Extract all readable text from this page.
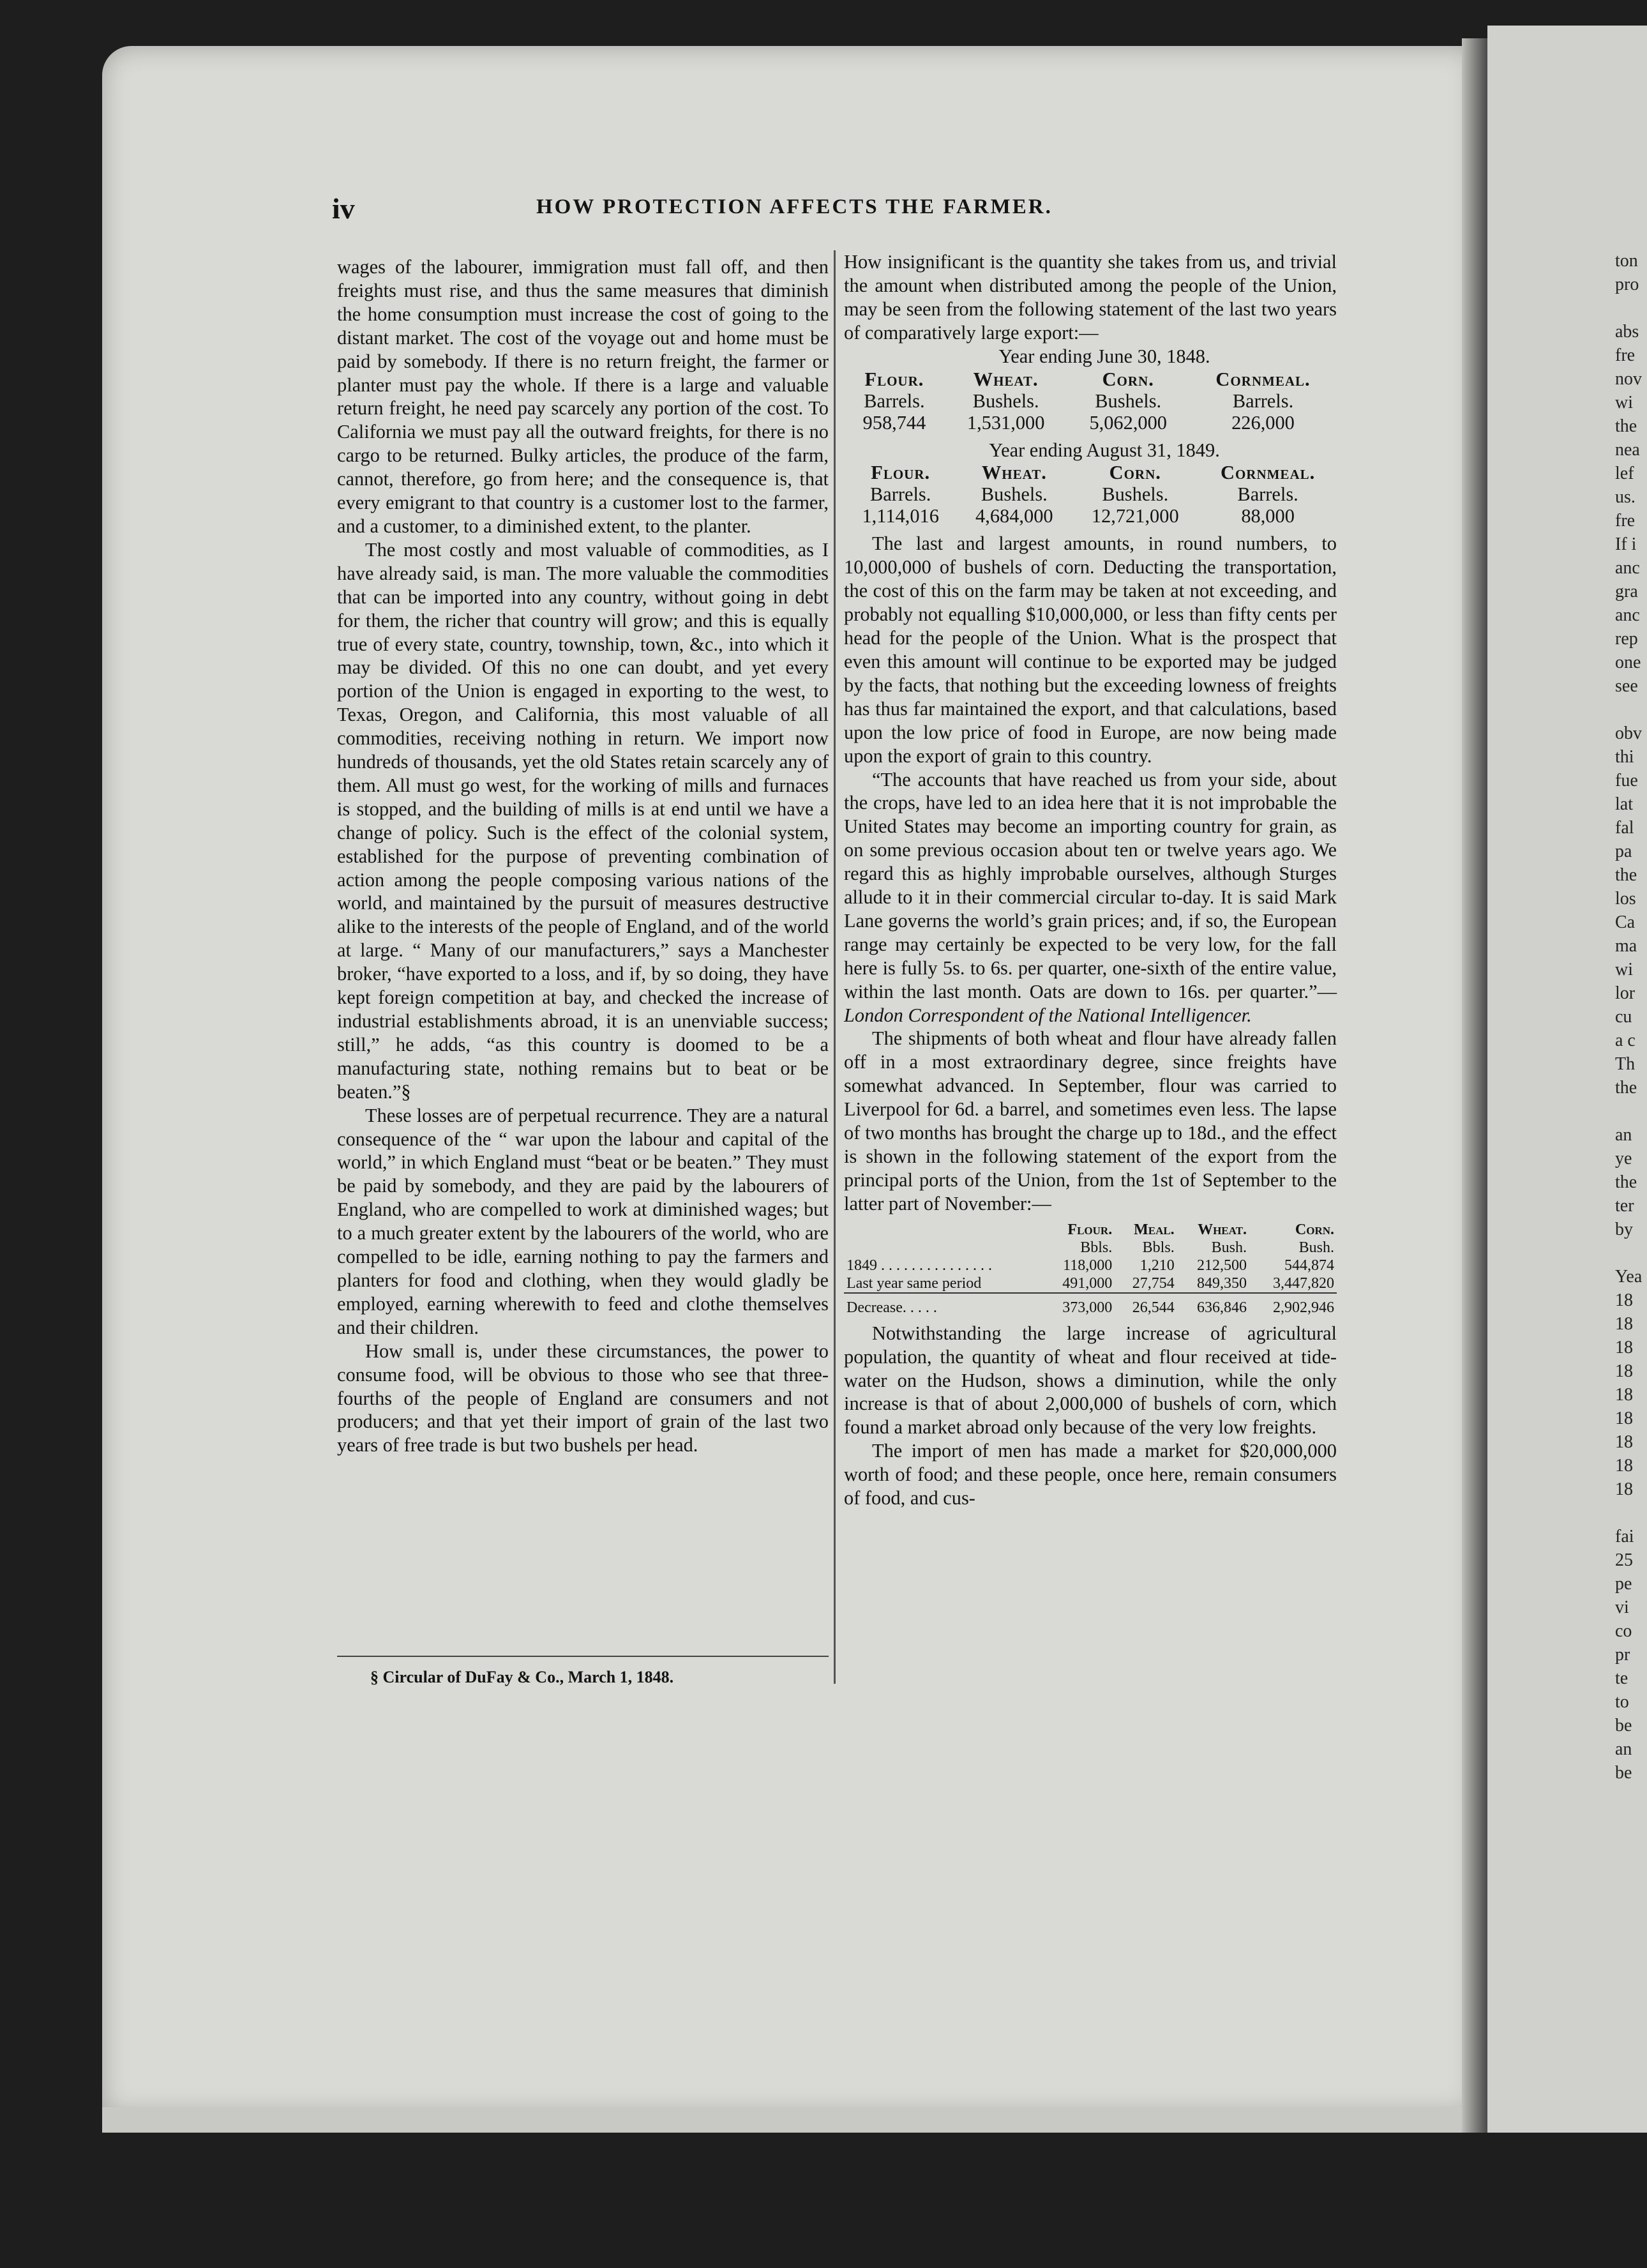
ton
pro
abs
fre
nov
wi
the
nea
lef
us.
fre
If i
anc
gra
anc
rep
one
see
obv
thi
fue
lat
fal
pa
the
los
Ca
ma
wi
lor
cu
a c
Th
the
an
ye
the
ter
by
Yea
18
18
18
18
18
18
18
18
18
fai
25
pe
vi
co
pr
te
to
be
an
be
iv	HOW PROTECTION AFFECTS THE FARMER.

wages of the labourer, immigration must fall off, and then freights must rise, and thus the same measures that diminish the home consumption must increase the cost of going to the distant market. The cost of the voyage out and home must be paid by somebody. If there is no return freight, the farmer or planter must pay the whole. If there is a large and valuable return freight, he need pay scarcely any portion of the cost. To California we must pay all the outward freights, for there is no cargo to be returned. Bulky articles, the produce of the farm, cannot, therefore, go from here; and the consequence is, that every emigrant to that country is a customer lost to the farmer, and a customer, to a diminished extent, to the planter.

The most costly and most valuable of commodities, as I have already said, is man. The more valuable the commodities that can be imported into any country, without going in debt for them, the richer that country will grow; and this is equally true of every state, country, township, town, &c., into which it may be divided. Of this no one can doubt, and yet every portion of the Union is engaged in exporting to the west, to Texas, Oregon, and California, this most valuable of all commodities, receiving nothing in return. We import now hundreds of thousands, yet the old States retain scarcely any of them. All must go west, for the working of mills and furnaces is stopped, and the building of mills is at end until we have a change of policy. Such is the effect of the colonial system, established for the purpose of preventing combination of action among the people composing various nations of the world, and maintained by the pursuit of measures destructive alike to the interests of the people of England, and of the world at large. “ Many of our manufacturers,” says a Manchester broker, “have exported to a loss, and if, by so doing, they have kept foreign competition at bay, and checked the increase of industrial establishments abroad, it is an unenviable success; still,” he adds, “as this country is doomed to be a manufacturing state, nothing remains but to beat or be beaten.”§

These losses are of perpetual recurrence. They are a natural consequence of the “ war upon the labour and capital of the world,” in which England must “beat or be beaten.” They must be paid by somebody, and they are paid by the labourers of England, who are compelled to work at diminished wages; but to a much greater extent by the labourers of the world, who are compelled to be idle, earning nothing to pay the farmers and planters for food and clothing, when they would gladly be employed, earning wherewith to feed and clothe themselves and their children.

How small is, under these circumstances, the power to consume food, will be obvious to those who see that three-fourths of the people of England are consumers and not producers; and that yet their import of grain of the last two years of free trade is but two bushels per head.

§ Circular of DuFay & Co., March 1, 1848.

How insignificant is the quantity she takes from us, and trivial the amount when distributed among the people of the Union, may be seen from the following statement of the last two years of comparatively large export:—

Year ending June 30, 1848.

Flour.	Wheat.	Corn.	Cornmeal.
Barrels.	Bushels.	Bushels.	Barrels.
958,744	1,531,000	5,062,000	226,000

Year ending August 31, 1849.

Flour.	Wheat.	Corn.	Cornmeal.
Barrels.	Bushels.	Bushels.	Barrels.
1,114,016	4,684,000	12,721,000	88,000

The last and largest amounts, in round numbers, to 10,000,000 of bushels of corn. Deducting the transportation, the cost of this on the farm may be taken at not exceeding, and probably not equalling $10,000,000, or less than fifty cents per head for the people of the Union. What is the prospect that even this amount will continue to be exported may be judged by the facts, that nothing but the exceeding lowness of freights has thus far maintained the export, and that calculations, based upon the low price of food in Europe, are now being made upon the export of grain to this country.

“The accounts that have reached us from your side, about the crops, have led to an idea here that it is not improbable the United States may become an importing country for grain, as on some previous occasion about ten or twelve years ago. We regard this as highly improbable ourselves, although Sturges allude to it in their commercial circular to-day. It is said Mark Lane governs the world’s grain prices; and, if so, the European range may certainly be expected to be very low, for the fall here is fully 5s. to 6s. per quarter, one-sixth of the entire value, within the last month. Oats are down to 16s. per quarter.”—London Correspondent of the National Intelligencer.

The shipments of both wheat and flour have already fallen off in a most extraordinary degree, since freights have somewhat advanced. In September, flour was carried to Liverpool for 6d. a barrel, and sometimes even less. The lapse of two months has brought the charge up to 18d., and the effect is shown in the following statement of the export from the principal ports of the Union, from the 1st of September to the latter part of November:—

	Flour.	Meal.	Wheat.	Corn.
	Bbls.	Bbls.	Bush.	Bush.
1849 . . . . . . . . . . . . . . .	118,000	1,210	212,500	544,874
Last year same period	491,000	27,754	849,350	3,447,820
Decrease. . . . .	373,000	26,544	636,846	2,902,946

Notwithstanding the large increase of agricultural population, the quantity of wheat and flour received at tide-water on the Hudson, shows a diminution, while the only increase is that of about 2,000,000 of bushels of corn, which found a market abroad only because of the very low freights.

The import of men has made a market for $20,000,000 worth of food; and these people, once here, remain consumers of food, and cus-
